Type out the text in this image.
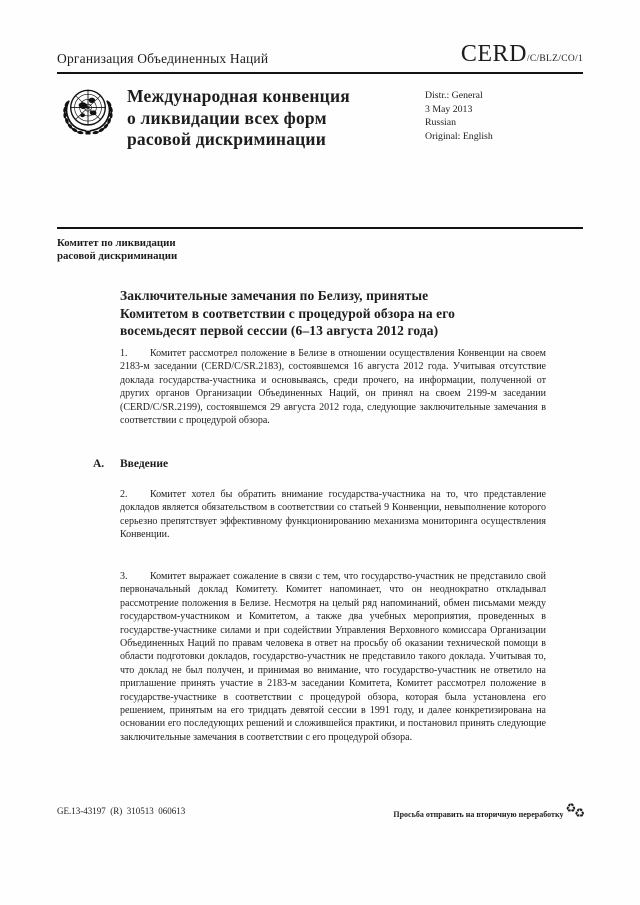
Организация Объединенных Наций	CERD/C/BLZ/CO/1
Международная конвенция
о ликвидации всех форм
расовой дискриминации
Distr.: General
3 May 2013
Russian
Original: English
Комитет по ликвидации
расовой дискриминации
Заключительные замечания по Белизу, принятые
Комитетом в соответствии с процедурой обзора на его
восемьдесят первой сессии (6–13 августа 2012 года)

1. Комитет рассмотрел положение в Белизе в отношении осуществления Конвенции на своем 2183-м заседании (CERD/C/SR.2183), состоявшемся 16 августа 2012 года. Учитывая отсутствие доклада государства-участника и основываясь, среди прочего, на информации, полученной от других органов Организации Объединенных Наций, он принял на своем 2199-м заседании (CERD/C/SR.2199), состоявшемся 29 августа 2012 года, следующие заключительные замечания в соответствии с процедурой обзора.

A. Введение

2. Комитет хотел бы обратить внимание государства-участника на то, что представление докладов является обязательством в соответствии со статьей 9 Конвенции, невыполнение которого серьезно препятствует эффективному функционированию механизма мониторинга осуществления Конвенции.

3. Комитет выражает сожаление в связи с тем, что государство-участник не представило свой первоначальный доклад Комитету. Комитет напоминает, что он неоднократно откладывал рассмотрение положения в Белизе. Несмотря на целый ряд напоминаний, обмен письмами между государством-участником и Комитетом, а также два учебных мероприятия, проведенных в государстве-участнике силами и при содействии Управления Верховного комиссара Организации Объединенных Наций по правам человека в ответ на просьбу об оказании технической помощи в области подготовки докладов, государство-участник не представило такого доклада. Учитывая то, что доклад не был получен, и принимая во внимание, что государство-участник не ответило на приглашение принять участие в 2183-м заседании Комитета, Комитет рассмотрел положение в государстве-участнике в соответствии с процедурой обзора, которая была установлена его решением, принятым на его тридцать девятой сессии в 1991 году, и далее конкретизирована на основании его последующих решений и сложившейся практики, и постановил принять следующие заключительные замечания в соответствии с его процедурой обзора.

GE.13-43197  (R)  310513  060613	Просьба отправить на вторичную переработку ♻♻
